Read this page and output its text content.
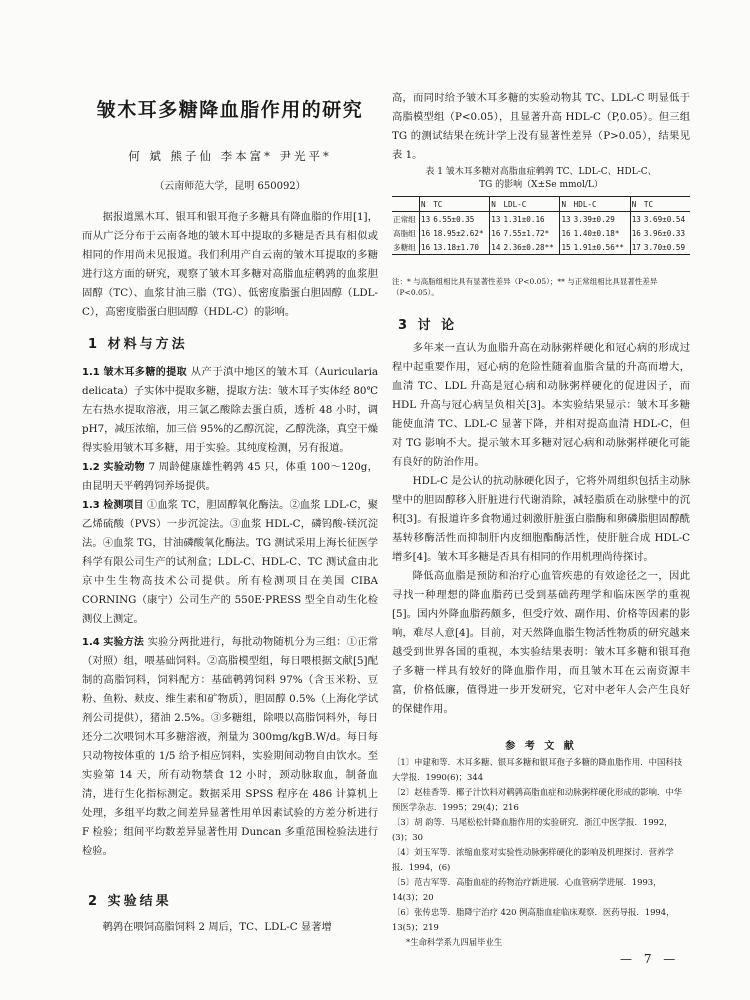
皱木耳多糖降血脂作用的研究
何 斌 熊子仙 李本富* 尹光平*
（云南师范大学，昆明 650092）

据报道黑木耳、银耳和银耳孢子多糖具有降血脂的作用[1]，而从广泛分布于云南各地的皱木耳中提取的多糖是否具有相似或相同的作用尚未见报道。我们利用产自云南的皱木耳提取的多糖进行这方面的研究，观察了皱木耳多糖对高脂血症鹌鹑的血浆胆固醇（TC）、血浆甘油三脂（TG）、低密度脂蛋白胆固醇（LDL-C），高密度脂蛋白胆固醇（HDL-C）的影响。

1 材料与方法

1.1 皱木耳多糖的提取 从产于滇中地区的皱木耳（Auricularia delicata）子实体中提取多糖，提取方法：皱木耳子实体经 80℃左右热水提取溶液，用三氯乙酸除去蛋白质，透析 48 小时，调 pH7，减压浓缩，加三倍 95%的乙醇沉淀，乙醇洗涤，真空干燥得实验用皱木耳多糖，用于实验。其纯度检测，另有报道。

1.2 实验动物 7 周龄健康雄性鹌鹑 45 只，体重 100～120g，由昆明天平鹌鹑饲养场提供。

1.3 检测项目 ①血浆 TC，胆固醇氧化酶法。②血浆 LDL-C，聚乙烯硫酸（PVS）一步沉淀法。③血浆 HDL-C，磷钨酸-镁沉淀法。④血浆 TG，甘油磷酸氧化酶法。TG 测试采用上海长征医学科学有限公司生产的试剂盒；LDL-C、HDL-C、TC 测试盒由北京中生生物高技术公司提供。所有检测项目在美国 CIBA CORNING（康宁）公司生产的 550E·PRESS 型全自动生化检测仪上测定。

1.4 实验方法 实验分两批进行，每批动物随机分为三组：①正常（对照）组，喂基础饲料。②高脂模型组，每日喂根据文献[5]配制的高脂饲料，饲料配方：基础鹌鹑饲料 97%（含玉米粉、豆粉、鱼粉、麸皮、维生素和矿物质），胆固醇 0.5%（上海化学试剂公司提供），猪油 2.5%。③多糖组，除喂以高脂饲料外，每日还分二次喂饲木耳多糖溶液，剂量为 300mg/kgB.W/d。每日每只动物按体重的 1/5 给予相应饲料，实验期间动物自由饮水。至实验第 14 天，所有动物禁食 12 小时，颈动脉取血，制备血清，进行生化指标测定。数据采用 SPSS 程序在 486 计算机上处理，多组平均数之间差异显著性用单因素试验的方差分析进行 F 检验；组间平均数差异显著性用 Duncan 多重范围检验法进行检验。

2 实验结果

鹌鹑在喂饲高脂饲料 2 周后，TC、LDL-C 显著增

高，而同时给予皱木耳多糖的实验动物其 TC、LDL-C 明显低于高脂模型组（P<0.05），且显著升高 HDL-C（P,0.05）。但三组 TG 的测试结果在统计学上没有显著性差异（P>0.05），结果见表 1。

表 1 皱木耳多糖对高脂血症鹌鹑 TC、LDL-C、HDL-C、
TG 的影响（X±Se mmol/L）
	N	TC	N	LDL-C	N	HDL-C	N	TC
正常组	13	6.55±0.35	13	1.31±0.16	13	3.39±0.29	13	3.69±0.54
高脂组	16	18.95±2.62*	16	7.55±1.72*	16	1.40±0.18*	16	3.96±0.33
多糖组	16	13.18±1.70	14	2.36±0.28**	15	1.91±0.56**	17	3.70±0.59
注：* 与高脂组相比具有显著性差异（P<0.05）；** 与正常组相比具显著性差异（P<0.05）。
3 讨 论

多年来一直认为血脂升高在动脉粥样硬化和冠心病的形成过程中起重要作用，冠心病的危险性随着血脂含量的升高而增大，血清 TC、LDL 升高是冠心病和动脉粥样硬化的促进因子，而 HDL 升高与冠心病呈负相关[3]。本实验结果显示：皱木耳多糖能使血清 TC、LDL-C 显著下降，并相对提高血清 HDL-C，但对 TG 影响不大。提示皱木耳多糖对冠心病和动脉粥样硬化可能有良好的防治作用。

HDL-C 是公认的抗动脉硬化因子，它将外周组织包括主动脉壁中的胆固醇移入肝脏进行代谢消除，减轻脂质在动脉壁中的沉积[3]。有报道许多食物通过刺激肝脏蛋白脂酶和卵磷脂胆固醇酰基转移酶活性而抑制肝内皮细胞酯酶活性，使肝脏合成 HDL-C 增多[4]。皱木耳多糖是否具有相同的作用机理尚待探讨。

降低高血脂是预防和治疗心血管疾患的有效途径之一，因此寻找一种理想的降血脂药已受到基础药理学和临床医学的重视[5]。国内外降血脂药颇多，但受疗效、副作用、价格等因素的影响，难尽人意[4]。目前，对天然降血脂生物活性物质的研究越来越受到世界各国的重视，本实验结果表明：皱木耳多糖和银耳孢子多糖一样具有较好的降血脂作用，而且皱木耳在云南资源丰富，价格低廉，值得进一步开发研究，它对中老年人会产生良好的保健作用。

参 考 文 献

〔1〕申建和等．木耳多糖、银耳多糖和银耳孢子多糖的降血脂作用．中国科技大学报．1990(6)；344

〔2〕赵桂香等．椰子汁饮料对鹌鹑高脂血症和动脉粥样硬化形成的影响．中华预医学杂志．1995；29(4)；216

〔3〕胡 韵等．马尾松松针降血脂作用的实验研究．浙江中医学报．1992，(3)；30

〔4〕刘玉军等．浓缩血浆对实验性动脉粥样硬化的影响及机理探讨．营养学报．1994，(6)

〔5〕范吉军等．高脂血症的药物治疗新进展．心血管病学进展．1993，14(3)；20

〔6〕张传忠等．脂降宁治疗 420 例高脂血症临床观察．医药导报．1994，13(5)；219

*生命科学系九四届毕业生

— 7 —
